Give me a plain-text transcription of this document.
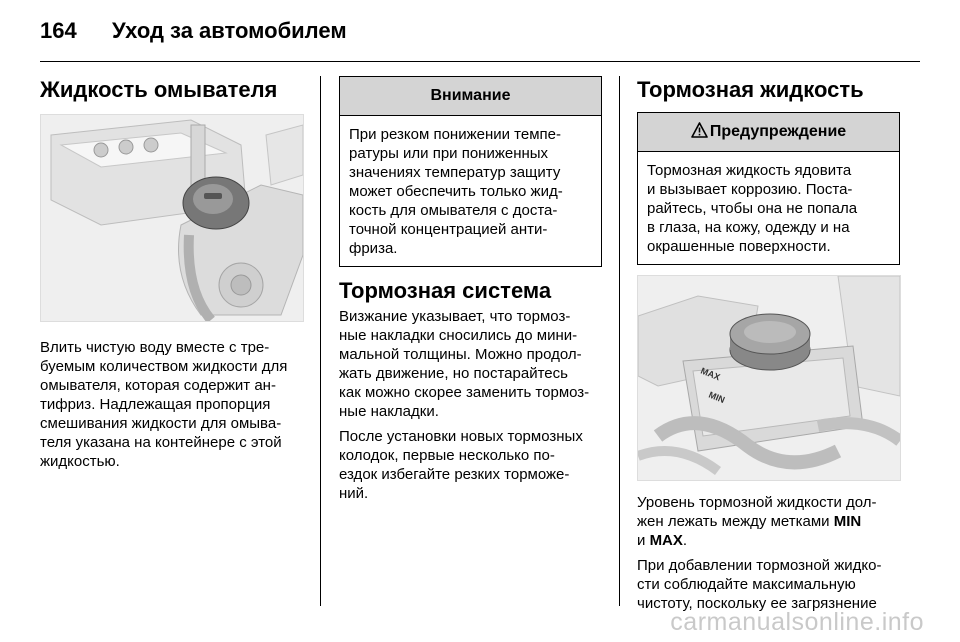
164 Уход за автомобилем
Жидкость омывателя

Влить чистую воду вместе с тре-

буемым количеством жидкости для

омывателя, которая содержит ан-

тифриз. Надлежащая пропорция

смешивания жидкости для омыва-

теля указана на контейнере с этой

жидкостью.

Внимание
При резком понижении темпе-
ратуры или при пониженных
значениях температур защиту
может обеспечить только жид-
кость для омывателя с доста-
точной концентрацией анти-
фриза.
Тормозная система

Визжание указывает, что тормоз-

ные накладки сносились до мини-

мальной толщины. Можно продол-

жать движение, но постарайтесь

как можно скорее заменить тормоз-

ные накладки.

После установки новых тормозных

колодок, первые несколько по-

ездок избегайте резких торможе-

ний.

Тормозная жидкость
Предупреждение
Тормозная жидкость ядовита
и вызывает коррозию. Поста-
райтесь, чтобы она не попала
в глаза, на кожу, одежду и на
окрашенные поверхности.
MAX
MIN

Уровень тормозной жидкости дол-

жен лежать между метками MIN

и MAX.

При добавлении тормозной жидко-

сти соблюдайте максимальную

чистоту, поскольку ее загрязнение

carmanualsonline.info
